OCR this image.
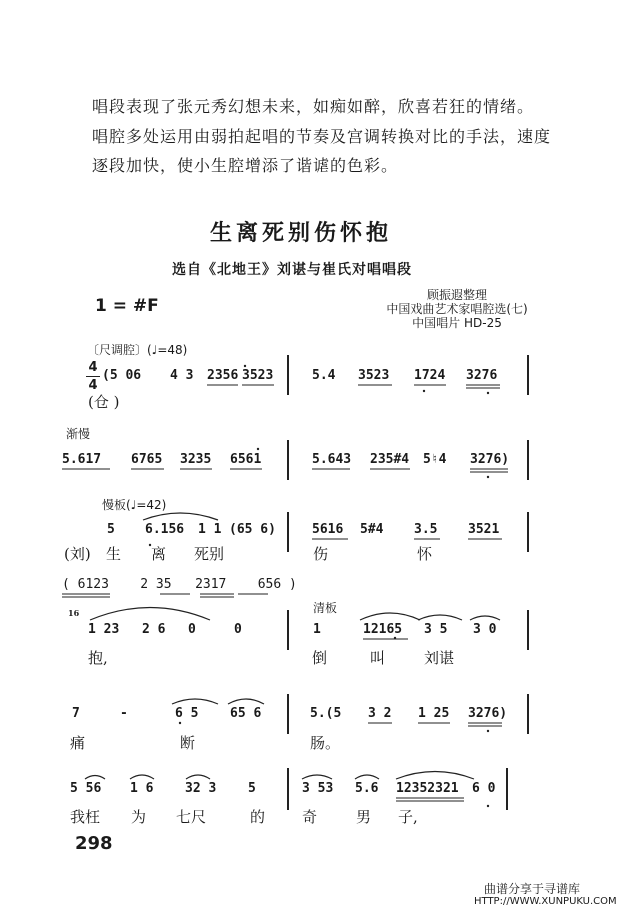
唱段表现了张元秀幻想未来，如痴如醉，欣喜若狂的情绪。
唱腔多处运用由弱拍起唱的节奏及宫调转换对比的手法，速度
逐段加快，使小生腔增添了谐谑的色彩。
生离死别伤怀抱
选自《北地王》刘谌与崔氏对唱唱段
1 = #F
顾振遐整理
中国戏曲艺术家唱腔选(七)
中国唱片 HD-25
〔尺调腔〕(♩=48)
4
4
(5 06 4 3 2356 3523	5.4 3523 1724 3276
(仓 )
渐慢
5.617 6765 3235 6561	5.643 235#4 5♮4 3276)
慢板(♩=42)
5 6.156 1 1 (65 6)	5616 5#4 3.5 3521
(刘) 生 离 死别	伤	怀
( 6123 2 35 2317 656 )
清板
16
1 23 2 6 0	0	1	12165 3 5 3 0
抱,	倒	叫	刘谌
7	-	6 5 65 6	5.(5 3 2 1 25 3276)
痛	断	肠。
5 56 1 6 32 3 5	3 53 5.6 12352321 6 0
我枉 为 七尺	的 奇	男 子,
298
曲谱分享于寻谱库
HTTP://WWW.XUNPUKU.COM
